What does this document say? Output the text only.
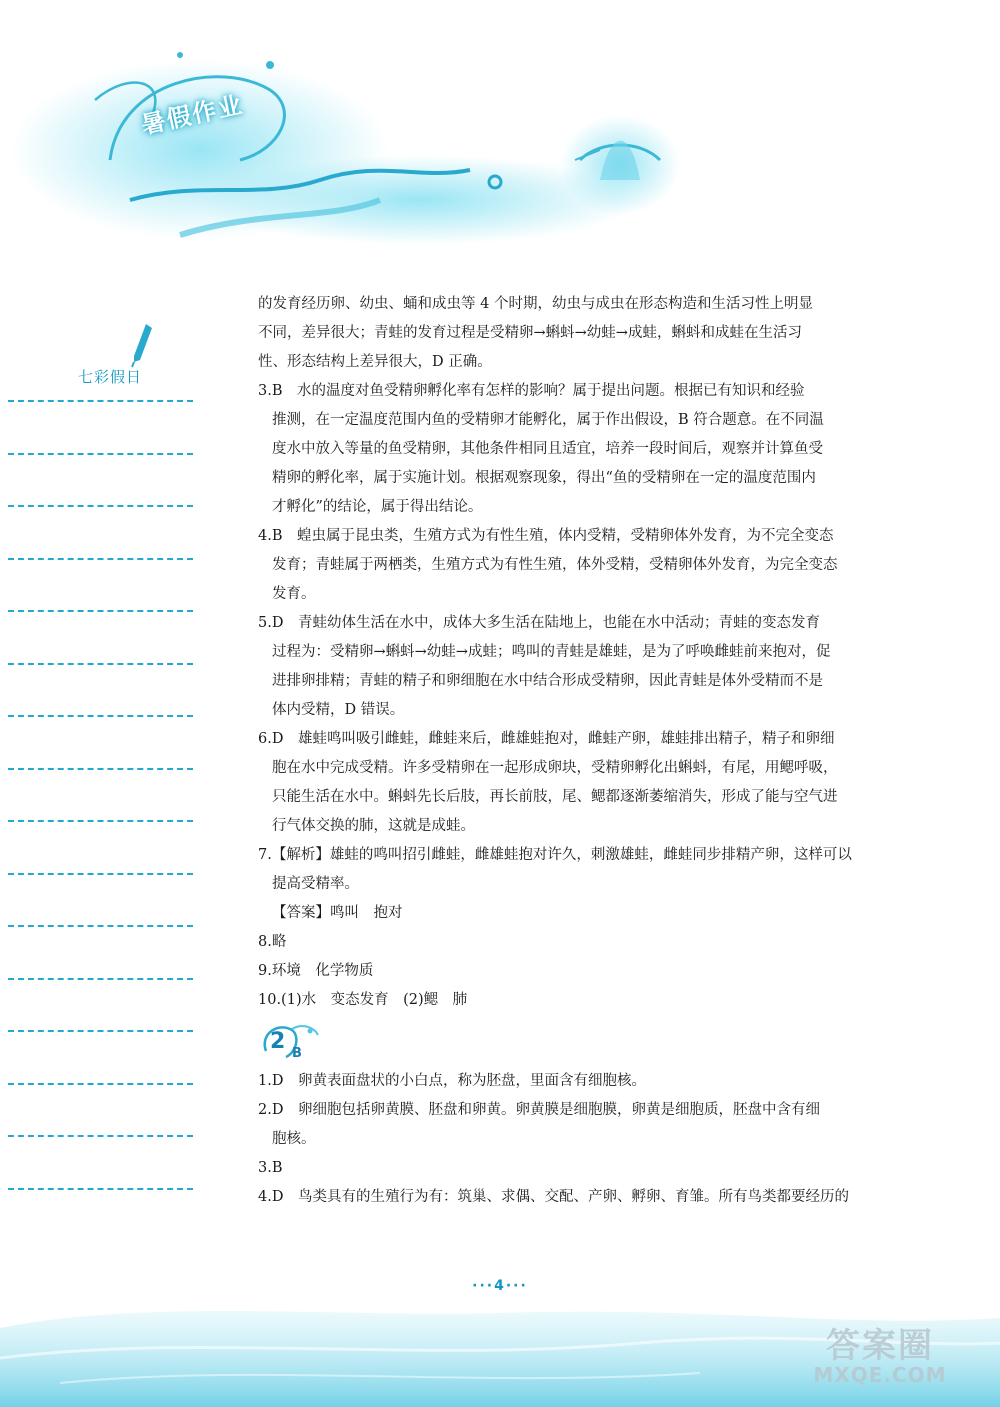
暑假作业
七彩假日

的发育经历卵、幼虫、蛹和成虫等 4 个时期，幼虫与成虫在形态构造和生活习性上明显

不同，差异很大；青蛙的发育过程是受精卵→蝌蚪→幼蛙→成蛙，蝌蚪和成蛙在生活习

性、形态结构上差异很大，D 正确。

3.B　水的温度对鱼受精卵孵化率有怎样的影响？属于提出问题。根据已有知识和经验

推测，在一定温度范围内鱼的受精卵才能孵化，属于作出假设，B 符合题意。在不同温

度水中放入等量的鱼受精卵，其他条件相同且适宜，培养一段时间后，观察并计算鱼受

精卵的孵化率，属于实施计划。根据观察现象，得出“鱼的受精卵在一定的温度范围内

才孵化”的结论，属于得出结论。

4.B　蝗虫属于昆虫类，生殖方式为有性生殖，体内受精，受精卵体外发育，为不完全变态

发育；青蛙属于两栖类，生殖方式为有性生殖，体外受精，受精卵体外发育，为完全变态

发育。

5.D　青蛙幼体生活在水中，成体大多生活在陆地上，也能在水中活动；青蛙的变态发育

过程为：受精卵→蝌蚪→幼蛙→成蛙；鸣叫的青蛙是雄蛙，是为了呼唤雌蛙前来抱对，促

进排卵排精；青蛙的精子和卵细胞在水中结合形成受精卵，因此青蛙是体外受精而不是

体内受精，D 错误。

6.D　雄蛙鸣叫吸引雌蛙，雌蛙来后，雌雄蛙抱对，雌蛙产卵，雄蛙排出精子，精子和卵细

胞在水中完成受精。许多受精卵在一起形成卵块，受精卵孵化出蝌蚪，有尾，用鳃呼吸，

只能生活在水中。蝌蚪先长后肢，再长前肢，尾、鳃都逐渐萎缩消失，形成了能与空气进

行气体交换的肺，这就是成蛙。

7.【解析】雄蛙的鸣叫招引雌蛙，雌雄蛙抱对许久，刺激雄蛙，雌蛙同步排精产卵，这样可以

提高受精率。

【答案】鸣叫　抱对

8.略

9.环境　化学物质

10.(1)水　变态发育　(2)鳃　肺

2 B

1.D　卵黄表面盘状的小白点，称为胚盘，里面含有细胞核。

2.D　卵细胞包括卵黄膜、胚盘和卵黄。卵黄膜是细胞膜，卵黄是细胞质，胚盘中含有细

胞核。

3.B

4.D　鸟类具有的生殖行为有：筑巢、求偶、交配、产卵、孵卵、育雏。所有鸟类都要经历的

···4···
答案圈
MXQE.COM
